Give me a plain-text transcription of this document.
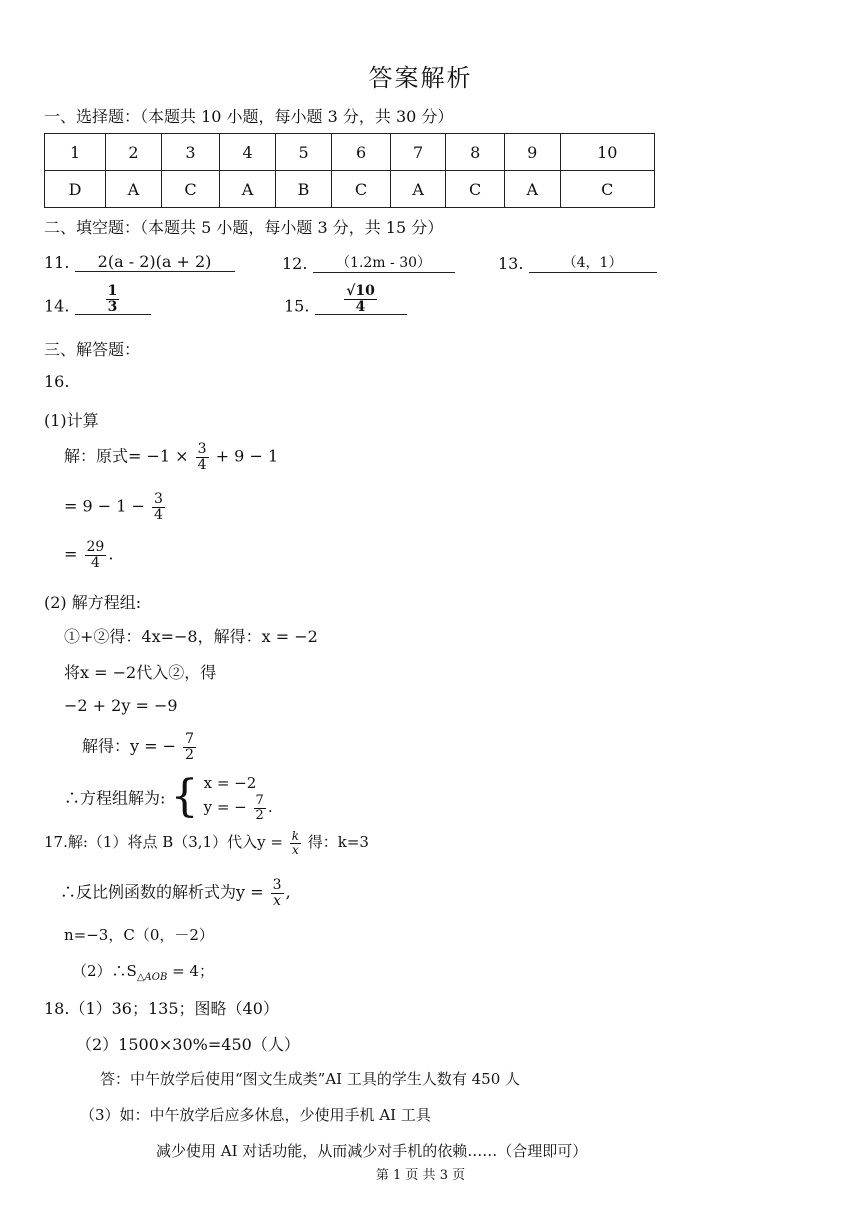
答案解析
一、选择题：（本题共 10 小题，每小题 3 分，共 30 分）
1	2	3	4	5	6	7	8	9	10
D	A	C	A	B	C	A	C	A	C
二、填空题：（本题共 5 小题，每小题 3 分，共 15 分）
11. 2(a - 2)(a + 2)	12. （1.2m - 30）	13.	（4，1）
14.	$\frac{1}{3}$	15. $\frac{√10}{4}$
三、解答题：
16.
(1)计算
解：原式= $-1 \times \frac{3}{4} + 9 - 1$
= $9 - 1 - \frac{3}{4}$
= $\frac{29}{4}$ .
(2) 解方程组:
①+②得：4x=−8，解得：x = −2
将x = −2代入②，得
−2 + 2y = −9
解得：y = − $\frac{7}{2}$
∴方程组解为: { x = −2
y = − $\frac{7}{2}$ .
17.解:（1）将点 B（3,1）代入$y = \frac{k}{x}$ 得：k=3
∴反比例函数的解析式为$y = \frac{3}{x}$ ,
n=−3，C（0，－2）
$(2)\therefore S_{\triangle AOB} = 4$；
18.（1）36；135；图略（40）
（2）1500×30%=450（人）
答：中午放学后使用“图文生成类”AI 工具的学生人数有 450 人
（3）如：中午放学后应多休息，少使用手机 AI 工具
减少使用 AI 对话功能，从而减少对手机的依赖……（合理即可）
第 1 页 共 3 页
